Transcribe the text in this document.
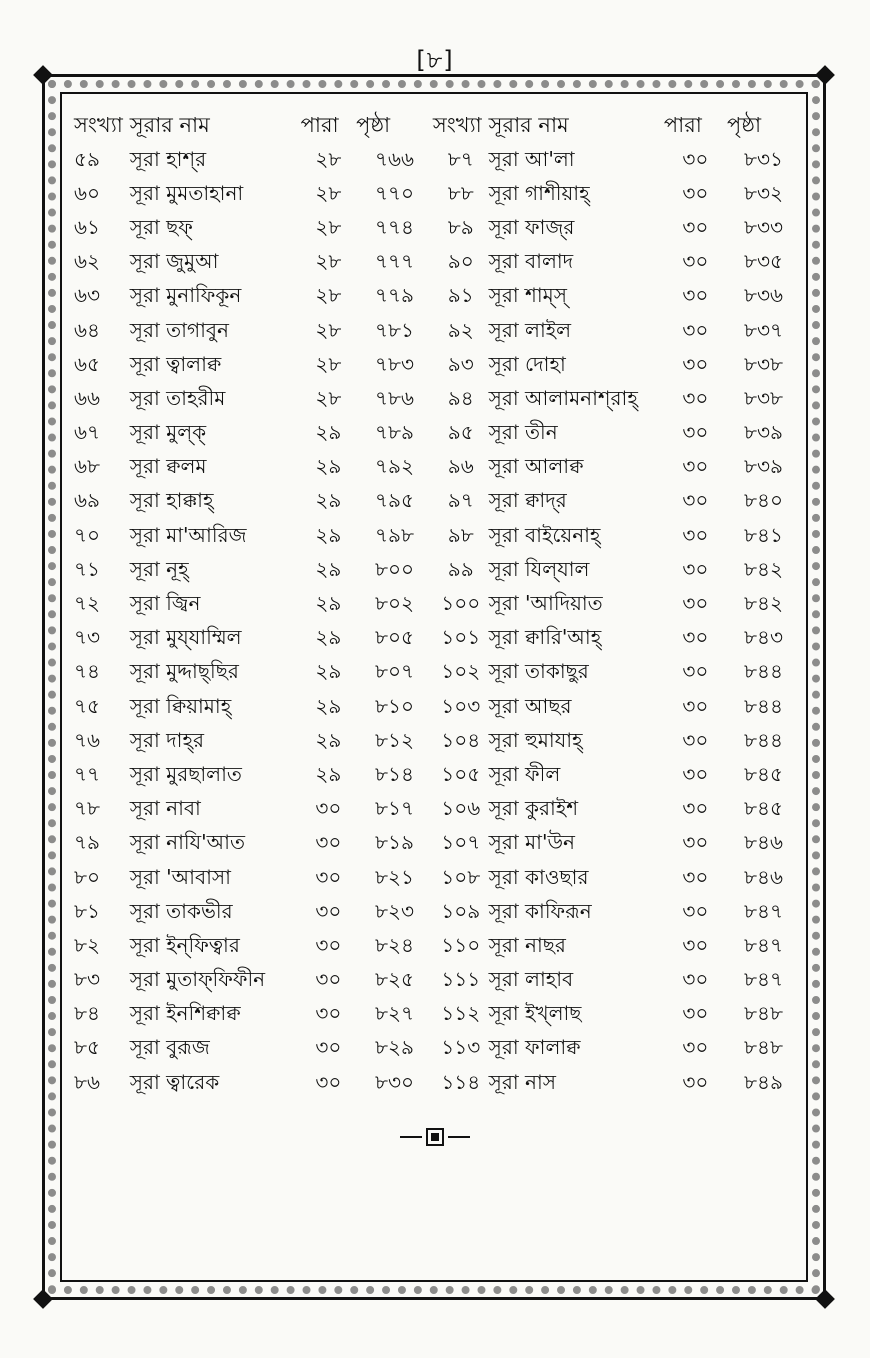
[৮]
সংখ্যা	সূরার নাম	পারা	পৃষ্ঠা	সংখ্যা	সূরার নাম	পারা	পৃষ্ঠা
৫৯	সূরা হাশ্‌র	২৮	৭৬৬	৮৭	সূরা আ'লা	৩০	৮৩১
৬০	সূরা মুমতাহানা	২৮	৭৭০	৮৮	সূরা গাশীয়াহ্‌	৩০	৮৩২
৬১	সূরা ছফ্‌	২৮	৭৭৪	৮৯	সূরা ফাজ্‌র	৩০	৮৩৩
৬২	সূরা জুমুআ	২৮	৭৭৭	৯০	সূরা বালাদ	৩০	৮৩৫
৬৩	সূরা মুনাফিকূন	২৮	৭৭৯	৯১	সূরা শাম্‌স্‌	৩০	৮৩৬
৬৪	সূরা তাগাবুন	২৮	৭৮১	৯২	সূরা লাইল	৩০	৮৩৭
৬৫	সূরা ত্বালাক্ব	২৮	৭৮৩	৯৩	সূরা দোহা	৩০	৮৩৮
৬৬	সূরা তাহরীম	২৮	৭৮৬	৯৪	সূরা আলামনাশ্‌রাহ্‌	৩০	৮৩৮
৬৭	সূরা মুল্‌ক্‌	২৯	৭৮৯	৯৫	সূরা তীন	৩০	৮৩৯
৬৮	সূরা ক্বলম	২৯	৭৯২	৯৬	সূরা আলাক্ব	৩০	৮৩৯
৬৯	সূরা হাক্কাহ্‌	২৯	৭৯৫	৯৭	সূরা ক্বাদ্‌র	৩০	৮৪০
৭০	সূরা মা'আরিজ	২৯	৭৯৮	৯৮	সূরা বাইয়েনাহ্‌	৩০	৮৪১
৭১	সূরা নূহ্‌	২৯	৮০০	৯৯	সূরা যিল্‌যাল	৩০	৮৪২
৭২	সূরা জ্বিন	২৯	৮০২	১০০	সূরা 'আদিয়াত	৩০	৮৪২
৭৩	সূরা মুয্‌যাম্মিল	২৯	৮০৫	১০১	সূরা ক্বারি'আহ্‌	৩০	৮৪৩
৭৪	সূরা মুদ্দাছ্‌ছির	২৯	৮০৭	১০২	সূরা তাকাছুর	৩০	৮৪৪
৭৫	সূরা ক্বিয়ামাহ্‌	২৯	৮১০	১০৩	সূরা আছর	৩০	৮৪৪
৭৬	সূরা দাহ্‌র	২৯	৮১২	১০৪	সূরা হুমাযাহ্‌	৩০	৮৪৪
৭৭	সূরা মুরছালাত	২৯	৮১৪	১০৫	সূরা ফীল	৩০	৮৪৫
৭৮	সূরা নাবা	৩০	৮১৭	১০৬	সূরা কুরাইশ	৩০	৮৪৫
৭৯	সূরা নাযি'আত	৩০	৮১৯	১০৭	সূরা মা'উন	৩০	৮৪৬
৮০	সূরা 'আবাসা	৩০	৮২১	১০৮	সূরা কাওছার	৩০	৮৪৬
৮১	সূরা তাকভীর	৩০	৮২৩	১০৯	সূরা কাফিরূন	৩০	৮৪৭
৮২	সূরা ইন্‌ফিত্বার	৩০	৮২৪	১১০	সূরা নাছর	৩০	৮৪৭
৮৩	সূরা মুতাফ্‌ফিফীন	৩০	৮২৫	১১১	সূরা লাহাব	৩০	৮৪৭
৮৪	সূরা ইনশিক্বাক্ব	৩০	৮২৭	১১২	সূরা ইখ্‌লাছ	৩০	৮৪৮
৮৫	সূরা বুরূজ	৩০	৮২৯	১১৩	সূরা ফালাক্ব	৩০	৮৪৮
৮৬	সূরা ত্বারেক	৩০	৮৩০	১১৪	সূরা নাস	৩০	৮৪৯
